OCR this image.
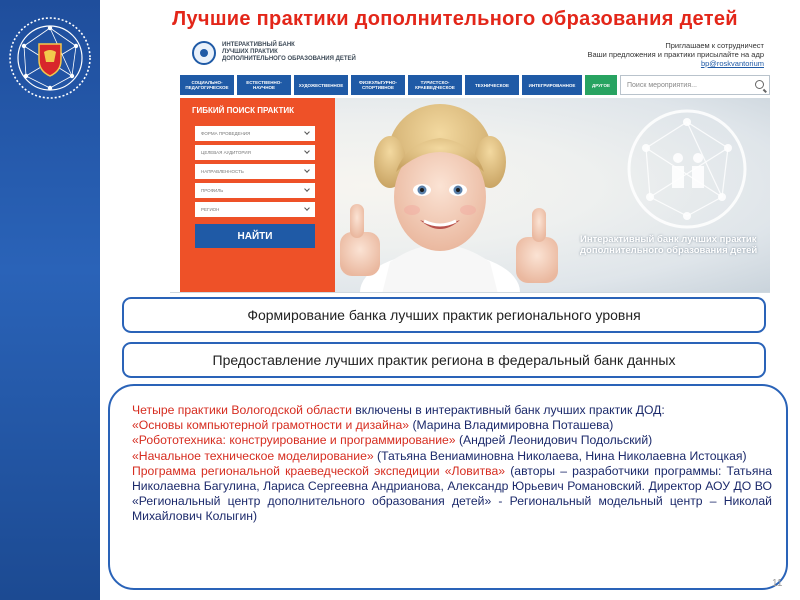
Лучшие практики дополнительного образования детей
ИНТЕРАКТИВНЫЙ БАНК
ЛУЧШИХ ПРАКТИК
ДОПОЛНИТЕЛЬНОГО ОБРАЗОВАНИЯ ДЕТЕЙ
Приглашаем к сотрудничест
Ваши предложения и практики присылайте на адр
bp@roskvantorium
СОЦИАЛЬНО-ПЕДАГОГИЧЕСКОЕ
ЕСТЕСТВЕННО-НАУЧНОЕ	ХУДОЖЕСТВЕННОЕ	ФИЗКУЛЬТУРНО-СПОРТИВНОЕ
ТУРИСТСКО-КРАЕВЕДЧЕСКОЕ	ТЕХНИЧЕСКОЕ	ИНТЕГРИРОВАННОЕ	ДРУГОЕ	Поиск мероприятия...
ГИБКИЙ ПОИСК ПРАКТИК
ФОРМА ПРОВЕДЕНИЯ
ЦЕЛЕВАЯ АУДИТОРИЯ
НАПРАВЛЕННОСТЬ
ПРОФИЛЬ
РЕГИОН
НАЙТИ	Интерактивный банк лучших практик дополнительного образования детей
Формирование банка лучших практик регионального уровня
Предоставление лучших практик региона в федеральный банк данных
Четыре практики Вологодской области включены в интерактивный банк лучших практик ДОД:
«Основы компьютерной грамотности и дизайна» (Марина Владимировна Поташева)
«Робототехника: конструирование и программирование» (Андрей Леонидович Подольский)
«Начальное техническое моделирование» (Татьяна Вениаминовна Николаева, Нина Николаевна Истоцкая)
Программа региональной краеведческой экспедиции «Ловитва» (авторы – разработчики программы: Татьяна Николаевна Багулина, Лариса Сергеевна Андрианова, Александр Юрьевич Романовский. Директор АОУ ДО ВО «Региональный центр дополнительного образования детей» - Региональный модельный центр – Николай Михайлович Колыгин)
11
